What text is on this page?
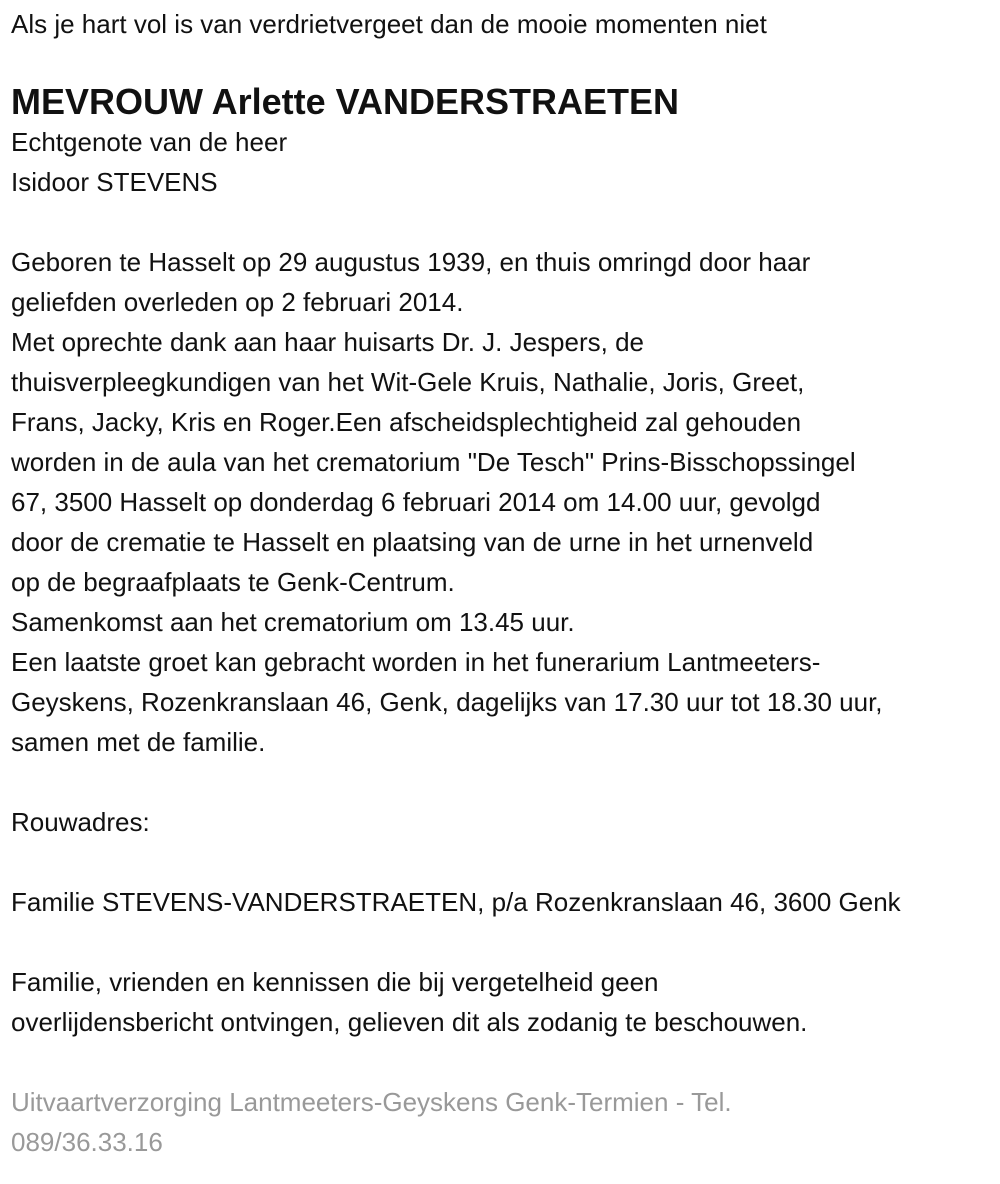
Als je hart vol is van verdrietvergeet dan de mooie momenten niet
MEVROUW Arlette VANDERSTRAETEN
Echtgenote van de heer
Isidoor STEVENS
Geboren te Hasselt op 29 augustus 1939, en thuis omringd door haar
geliefden overleden op 2 februari 2014.
Met oprechte dank aan haar huisarts Dr. J. Jespers, de
thuisverpleegkundigen van het Wit-Gele Kruis, Nathalie, Joris, Greet,
Frans, Jacky, Kris en Roger.Een afscheidsplechtigheid zal gehouden
worden in de aula van het crematorium "De Tesch" Prins-Bisschopssingel
67, 3500 Hasselt op donderdag 6 februari 2014 om 14.00 uur, gevolgd
door de crematie te Hasselt en plaatsing van de urne in het urnenveld
op de begraafplaats te Genk-Centrum.
Samenkomst aan het crematorium om 13.45 uur.
Een laatste groet kan gebracht worden in het funerarium Lantmeeters-
Geyskens, Rozenkranslaan 46, Genk, dagelijks van 17.30 uur tot 18.30 uur,
samen met de familie.
Rouwadres:
Familie STEVENS-VANDERSTRAETEN, p/a Rozenkranslaan 46, 3600 Genk
Familie, vrienden en kennissen die bij vergetelheid geen
overlijdensbericht ontvingen, gelieven dit als zodanig te beschouwen.
Uitvaartverzorging Lantmeeters-Geyskens Genk-Termien - Tel.
089/36.33.16
